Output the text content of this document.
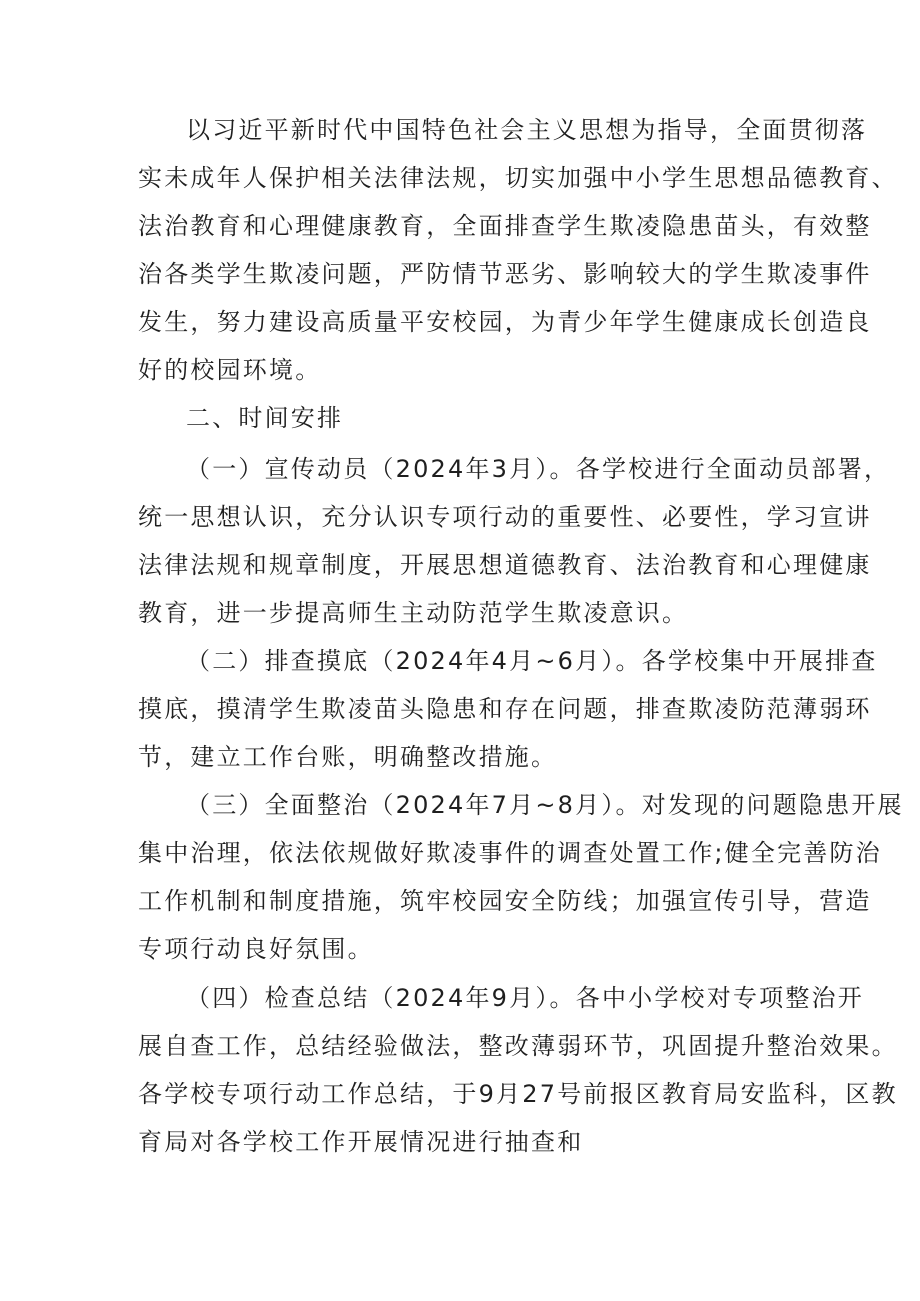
以习近平新时代中国特色社会主义思想为指导，全面贯彻落
实未成年人保护相关法律法规，切实加强中小学生思想品德教育、
法治教育和心理健康教育，全面排查学生欺凌隐患苗头，有效整
治各类学生欺凌问题，严防情节恶劣、影响较大的学生欺凌事件
发生，努力建设高质量平安校园，为青少年学生健康成长创造良
好的校园环境。
二、时间安排
（一）宣传动员（2024年3月）。各学校进行全面动员部署，
统一思想认识，充分认识专项行动的重要性、必要性，学习宣讲
法律法规和规章制度，开展思想道德教育、法治教育和心理健康
教育，进一步提高师生主动防范学生欺凌意识。
（二）排查摸底（2024年4月~6月）。各学校集中开展排查
摸底，摸清学生欺凌苗头隐患和存在问题，排查欺凌防范薄弱环
节，建立工作台账，明确整改措施。
（三）全面整治（2024年7月~8月）。对发现的问题隐患开展
集中治理，依法依规做好欺凌事件的调查处置工作;健全完善防治
工作机制和制度措施，筑牢校园安全防线；加强宣传引导，营造
专项行动良好氛围。
（四）检查总结（2024年9月）。各中小学校对专项整治开
展自查工作，总结经验做法，整改薄弱环节，巩固提升整治效果。
各学校专项行动工作总结，于9月27号前报区教育局安监科，区教
育局对各学校工作开展情况进行抽查和
